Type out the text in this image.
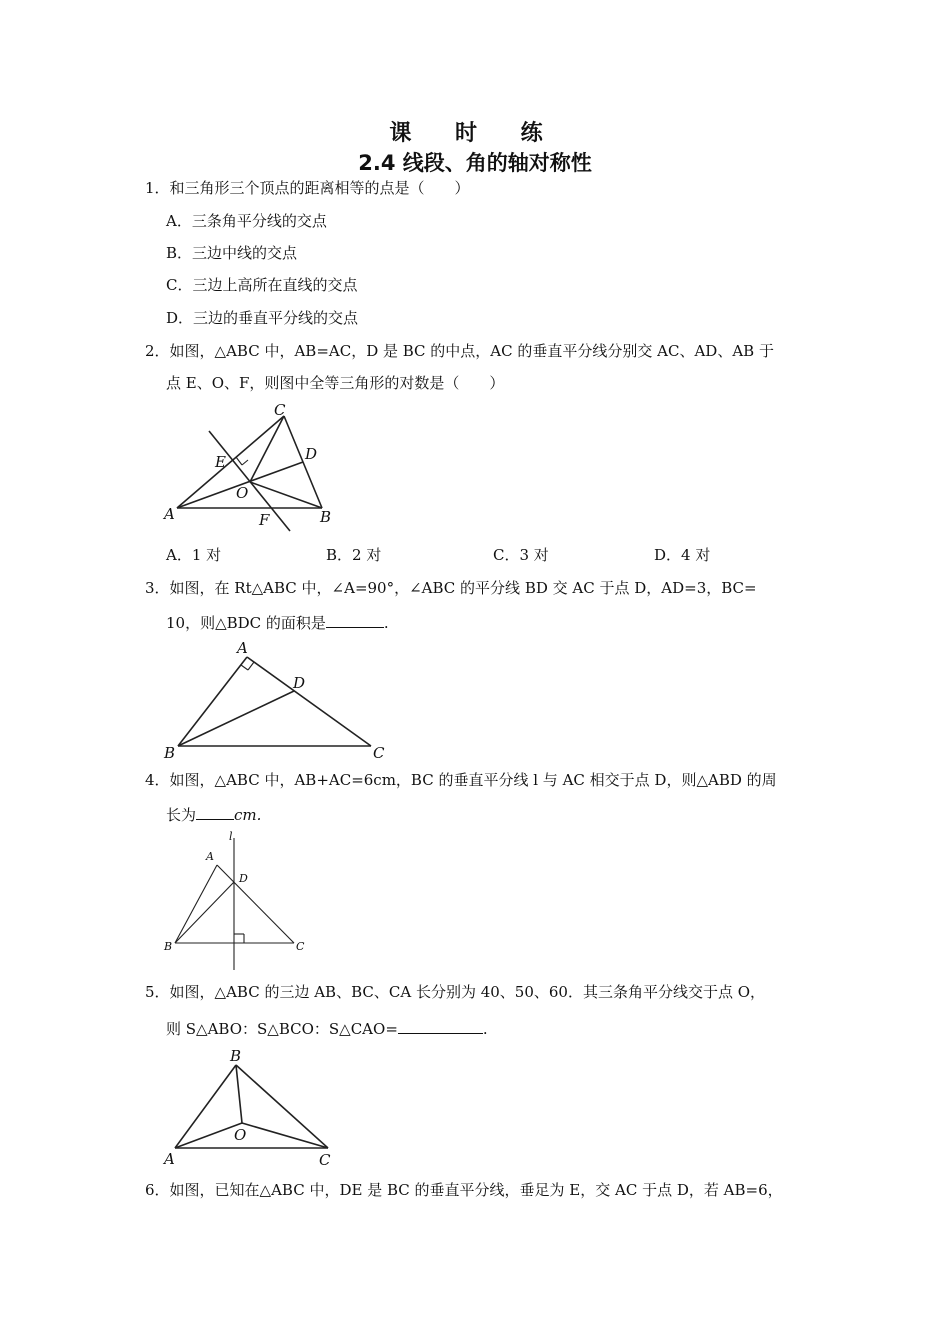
课 时 练
2.4 线段、角的轴对称性
1．和三角形三个顶点的距离相等的点是（　　）
A．三条角平分线的交点
B．三边中线的交点
C．三边上高所在直线的交点
D．三边的垂直平分线的交点
2．如图，△ABC 中，AB=AC，D 是 BC 的中点，AC 的垂直平分线分别交 AC、AD、AB 于
点 E、O、F，则图中全等三角形的对数是（　　）
C
E	D
O
A	F	B
A．1 对	B．2 对	C．3 对	D．4 对
3．如图，在 Rt△ABC 中，∠A=90°，∠ABC 的平分线 BD 交 AC 于点 D，AD=3，BC=
10，则△BDC 的面积是	.
A
D
B	C
4．如图，△ABC 中，AB+AC=6cm，BC 的垂直平分线 l 与 AC 相交于点 D，则△ABD 的周
长为	cm.
l
A
D
B	C
5．如图，△ABC 的三边 AB、BC、CA 长分别为 40、50、60．其三条角平分线交于点 O，
则 S△ABO：S△BCO：S△CAO=	.
B
O
A	C
6．如图，已知在△ABC 中，DE 是 BC 的垂直平分线，垂足为 E，交 AC 于点 D，若 AB=6，
